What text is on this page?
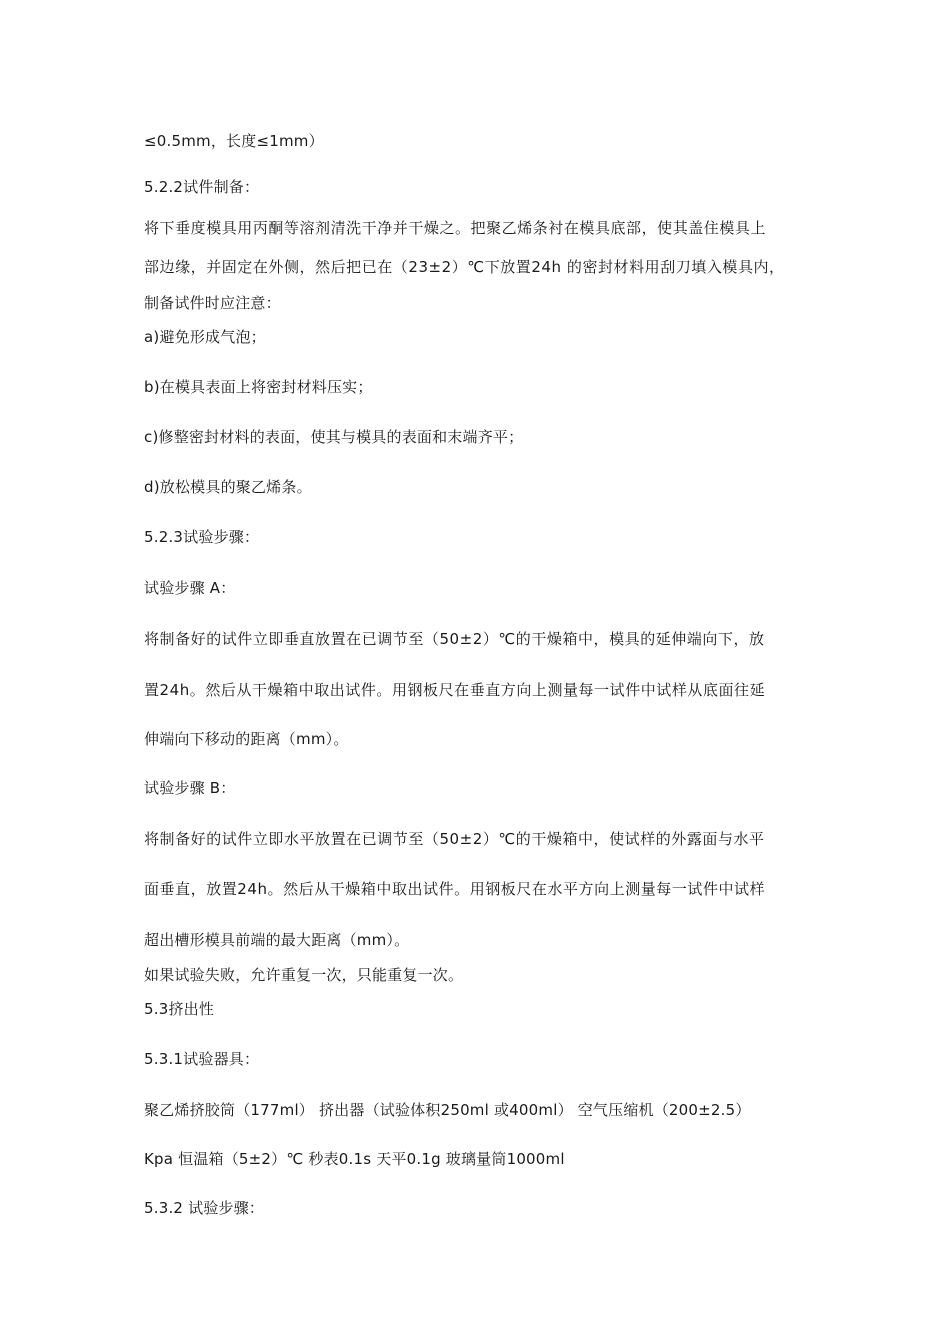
≤0.5mm，长度≤1mm）
5.2.2试件制备：
将下垂度模具用丙酮等溶剂清洗干净并干燥之。把聚乙烯条衬在模具底部，使其盖住模具上
部边缘，并固定在外侧，然后把已在（23±2）℃下放置24h 的密封材料用刮刀填入模具内，
制备试件时应注意：
a)避免形成气泡；
b)在模具表面上将密封材料压实；
c)修整密封材料的表面，使其与模具的表面和末端齐平；
d)放松模具的聚乙烯条。
5.2.3试验步骤：
试验步骤 A：
将制备好的试件立即垂直放置在已调节至（50±2）℃的干燥箱中，模具的延伸端向下，放
置24h。然后从干燥箱中取出试件。用钢板尺在垂直方向上测量每一试件中试样从底面往延
伸端向下移动的距离（mm）。
试验步骤 B：
将制备好的试件立即水平放置在已调节至（50±2）℃的干燥箱中，使试样的外露面与水平
面垂直，放置24h。然后从干燥箱中取出试件。用钢板尺在水平方向上测量每一试件中试样
超出槽形模具前端的最大距离（mm）。
如果试验失败，允许重复一次，只能重复一次。
5.3挤出性
5.3.1试验器具：
聚乙烯挤胶筒（177ml） 挤出器（试验体积250ml 或400ml） 空气压缩机（200±2.5）
Kpa 恒温箱（5±2）℃ 秒表0.1s 天平0.1g 玻璃量筒1000ml
5.3.2 试验步骤：
